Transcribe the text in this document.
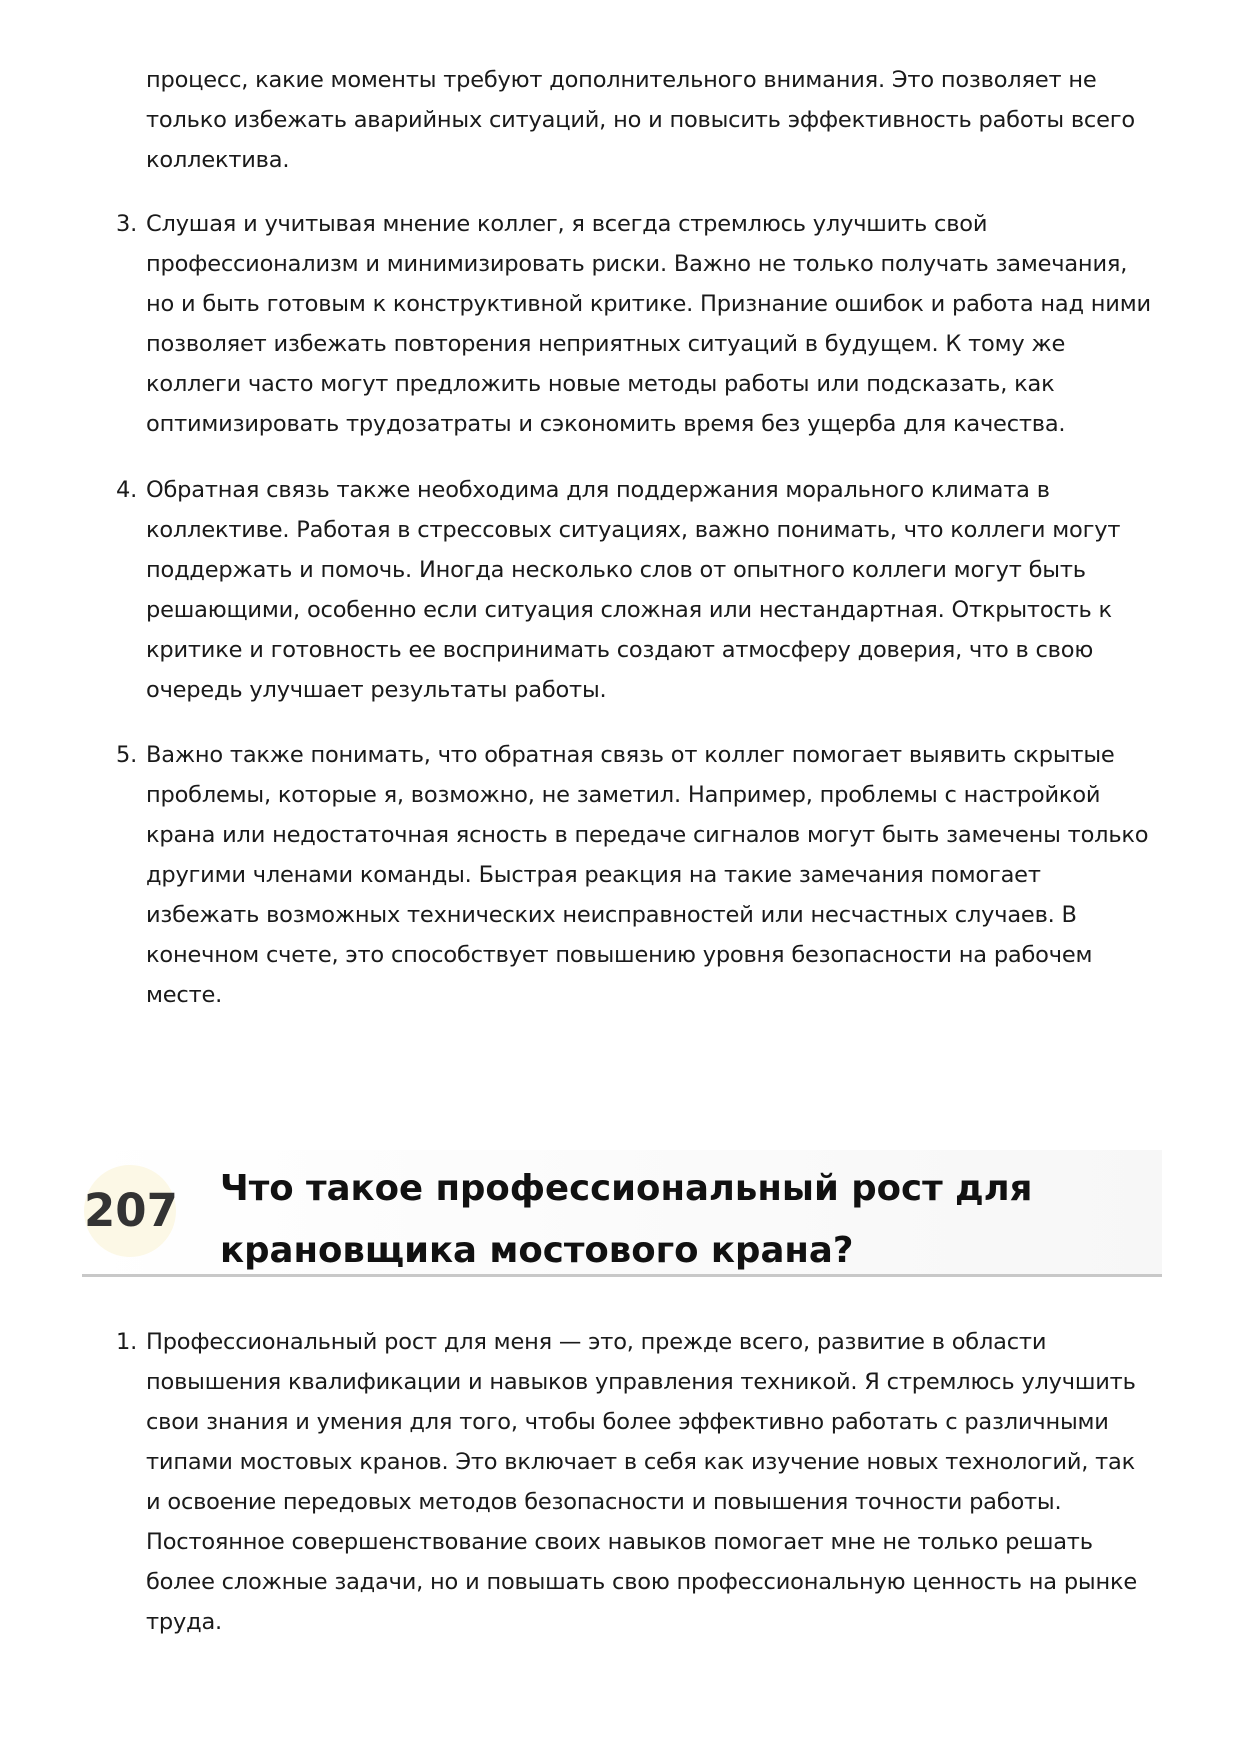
процесс, какие моменты требуют дополнительного внимания. Это позволяет не только избежать аварийных ситуаций, но и повысить эффективность работы всего коллектива.

3. Слушая и учитывая мнение коллег, я всегда стремлюсь улучшить свой профессионализм и минимизировать риски. Важно не только получать замечания, но и быть готовым к конструктивной критике. Признание ошибок и работа над ними позволяет избежать повторения неприятных ситуаций в будущем. К тому же коллеги часто могут предложить новые методы работы или подсказать, как оптимизировать трудозатраты и сэкономить время без ущерба для качества.

4. Обратная связь также необходима для поддержания морального климата в коллективе. Работая в стрессовых ситуациях, важно понимать, что коллеги могут поддержать и помочь. Иногда несколько слов от опытного коллеги могут быть решающими, особенно если ситуация сложная или нестандартная. Открытость к критике и готовность ее воспринимать создают атмосферу доверия, что в свою очередь улучшает результаты работы.

5. Важно также понимать, что обратная связь от коллег помогает выявить скрытые проблемы, которые я, возможно, не заметил. Например, проблемы с настройкой крана или недостаточная ясность в передаче сигналов могут быть замечены только другими членами команды. Быстрая реакция на такие замечания помогает избежать возможных технических неисправностей или несчастных случаев. В конечном счете, это способствует повышению уровня безопасности на рабочем месте.

207 Что такое профессиональный рост для крановщика мостового крана?

1. Профессиональный рост для меня — это, прежде всего, развитие в области повышения квалификации и навыков управления техникой. Я стремлюсь улучшить свои знания и умения для того, чтобы более эффективно работать с различными типами мостовых кранов. Это включает в себя как изучение новых технологий, так и освоение передовых методов безопасности и повышения точности работы. Постоянное совершенствование своих навыков помогает мне не только решать более сложные задачи, но и повышать свою профессиональную ценность на рынке труда.
